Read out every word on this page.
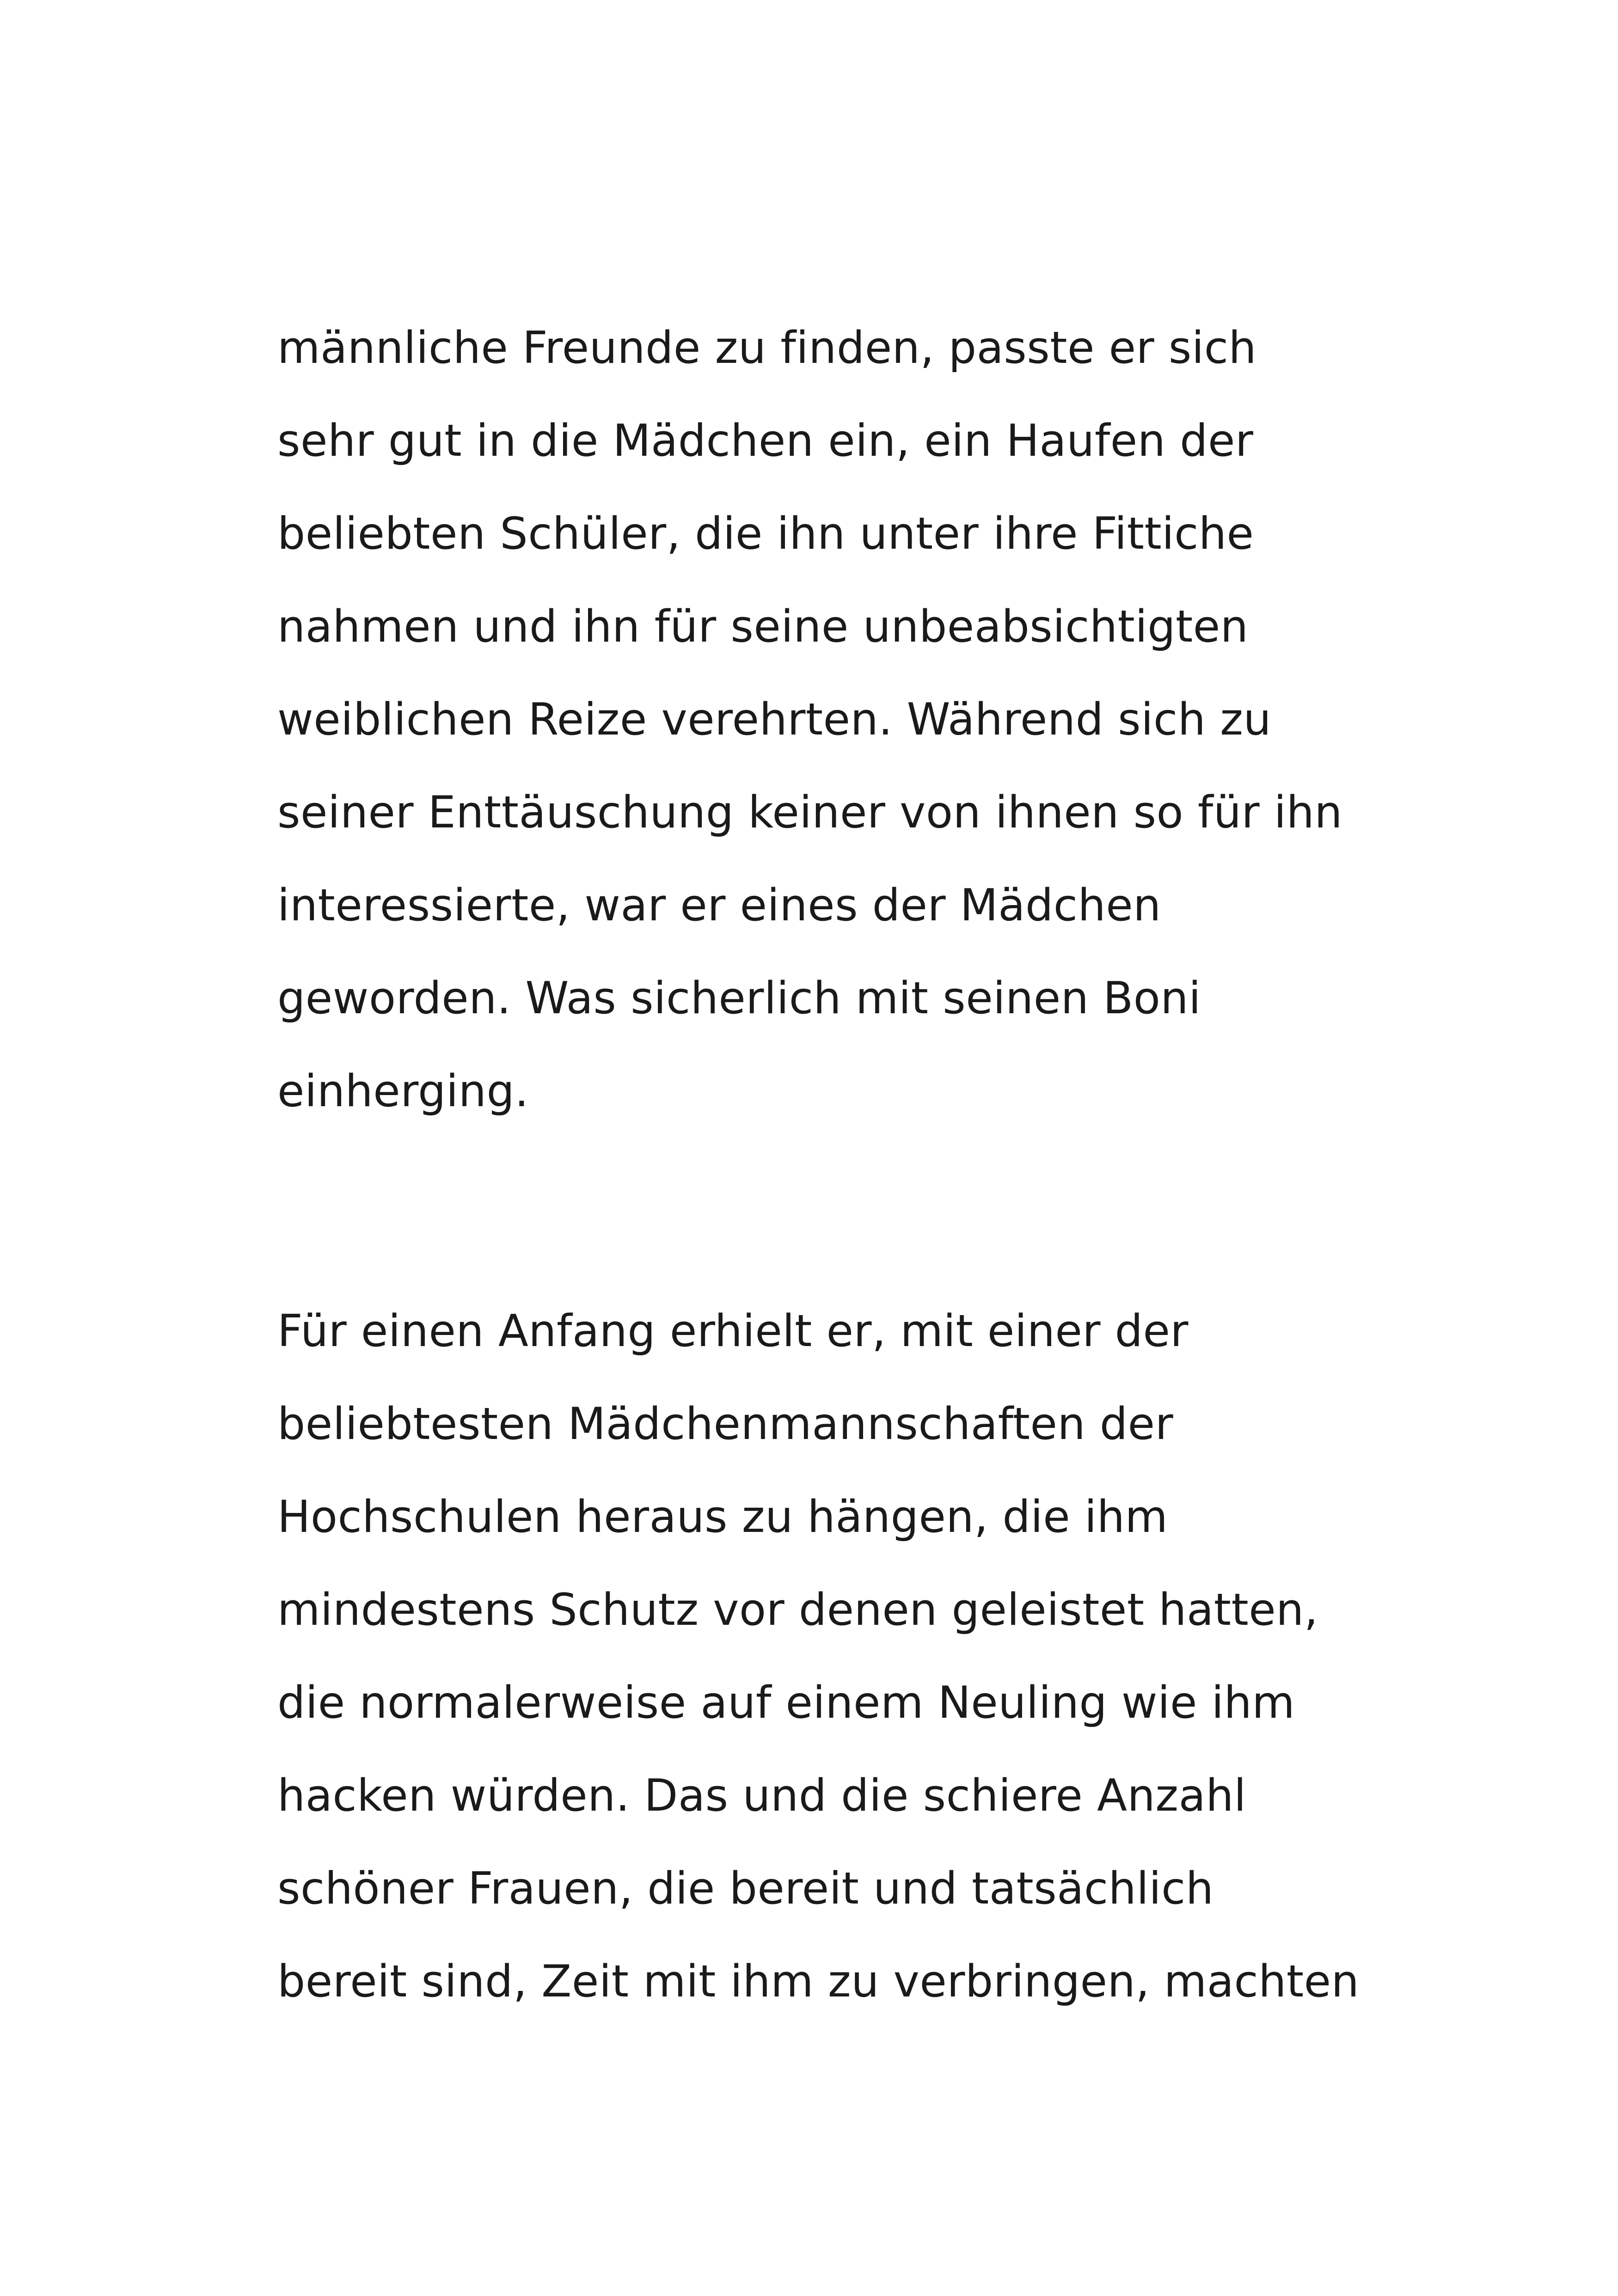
männliche Freunde zu finden, passte er sich
sehr gut in die Mädchen ein, ein Haufen der
beliebten Schüler, die ihn unter ihre Fittiche
nahmen und ihn für seine unbeabsichtigten
weiblichen Reize verehrten. Während sich zu
seiner Enttäuschung keiner von ihnen so für ihn
interessierte, war er eines der Mädchen
geworden. Was sicherlich mit seinen Boni
einherging.
Für einen Anfang erhielt er, mit einer der
beliebtesten Mädchenmannschaften der
Hochschulen heraus zu hängen, die ihm
mindestens Schutz vor denen geleistet hatten,
die normalerweise auf einem Neuling wie ihm
hacken würden. Das und die schiere Anzahl
schöner Frauen, die bereit und tatsächlich
bereit sind, Zeit mit ihm zu verbringen, machten
